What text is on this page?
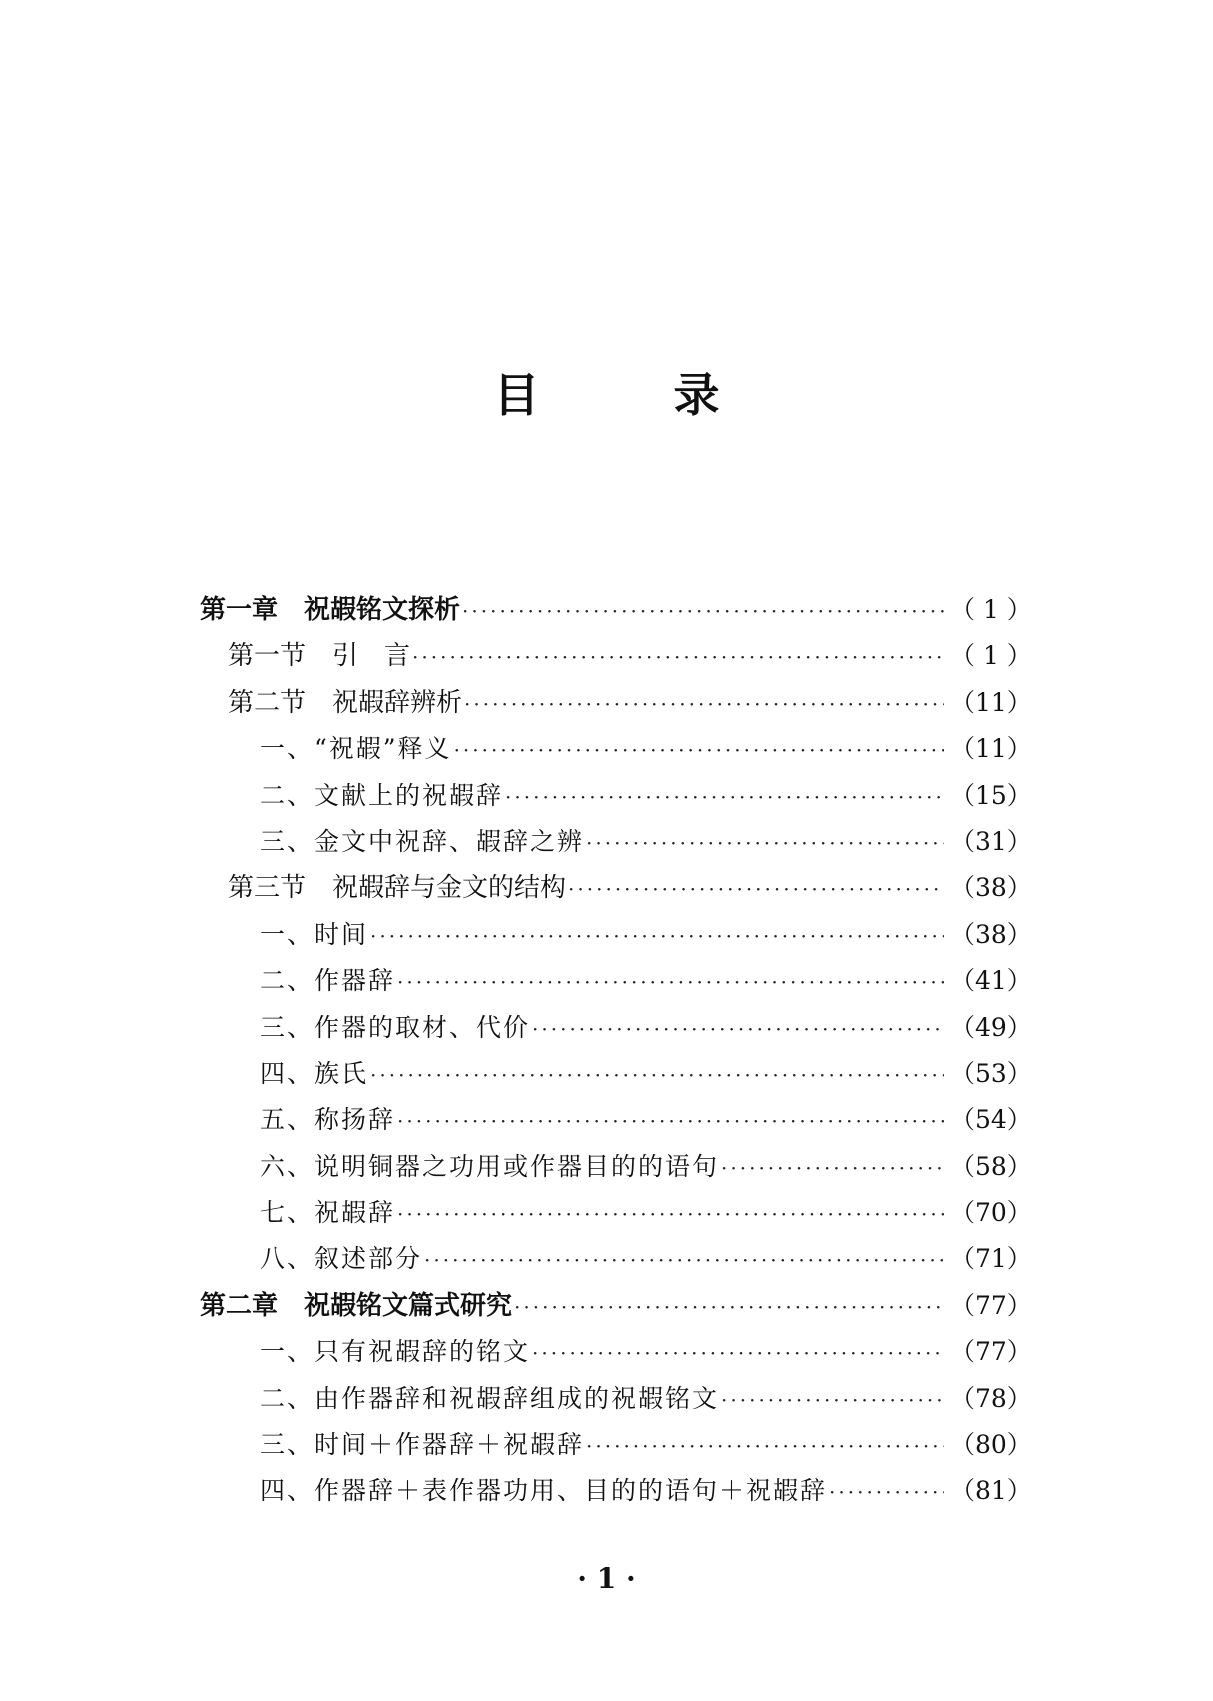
目　录
第一章 祝嘏铭文探析 ·····	（ 1 ）
第一节 引　言 ·····	（ 1 ）
第二节 祝嘏辞辨析 ·····	（11）
一、“祝嘏”释义 ·····	（11）
二、文献上的祝嘏辞 ·····	（15）
三、金文中祝辞、嘏辞之辨 ·····	（31）
第三节 祝嘏辞与金文的结构 ·····	（38）
一、时间 ·····	（38）
二、作器辞 ·····	（41）
三、作器的取材、代价 ·····	（49）
四、族氏 ·····	（53）
五、称扬辞 ·····	（54）
六、说明铜器之功用或作器目的的语句 ·····	（58）
七、祝嘏辞 ·····	（70）
八、叙述部分 ·····	（71）
第二章 祝嘏铭文篇式研究 ·····	（77）
一、只有祝嘏辞的铭文 ·····	（77）
二、由作器辞和祝嘏辞组成的祝嘏铭文 ·····	（78）
三、时间＋作器辞＋祝嘏辞 ·····	（80）
四、作器辞＋表作器功用、目的的语句＋祝嘏辞 ·····	（81）
· 1 ·
